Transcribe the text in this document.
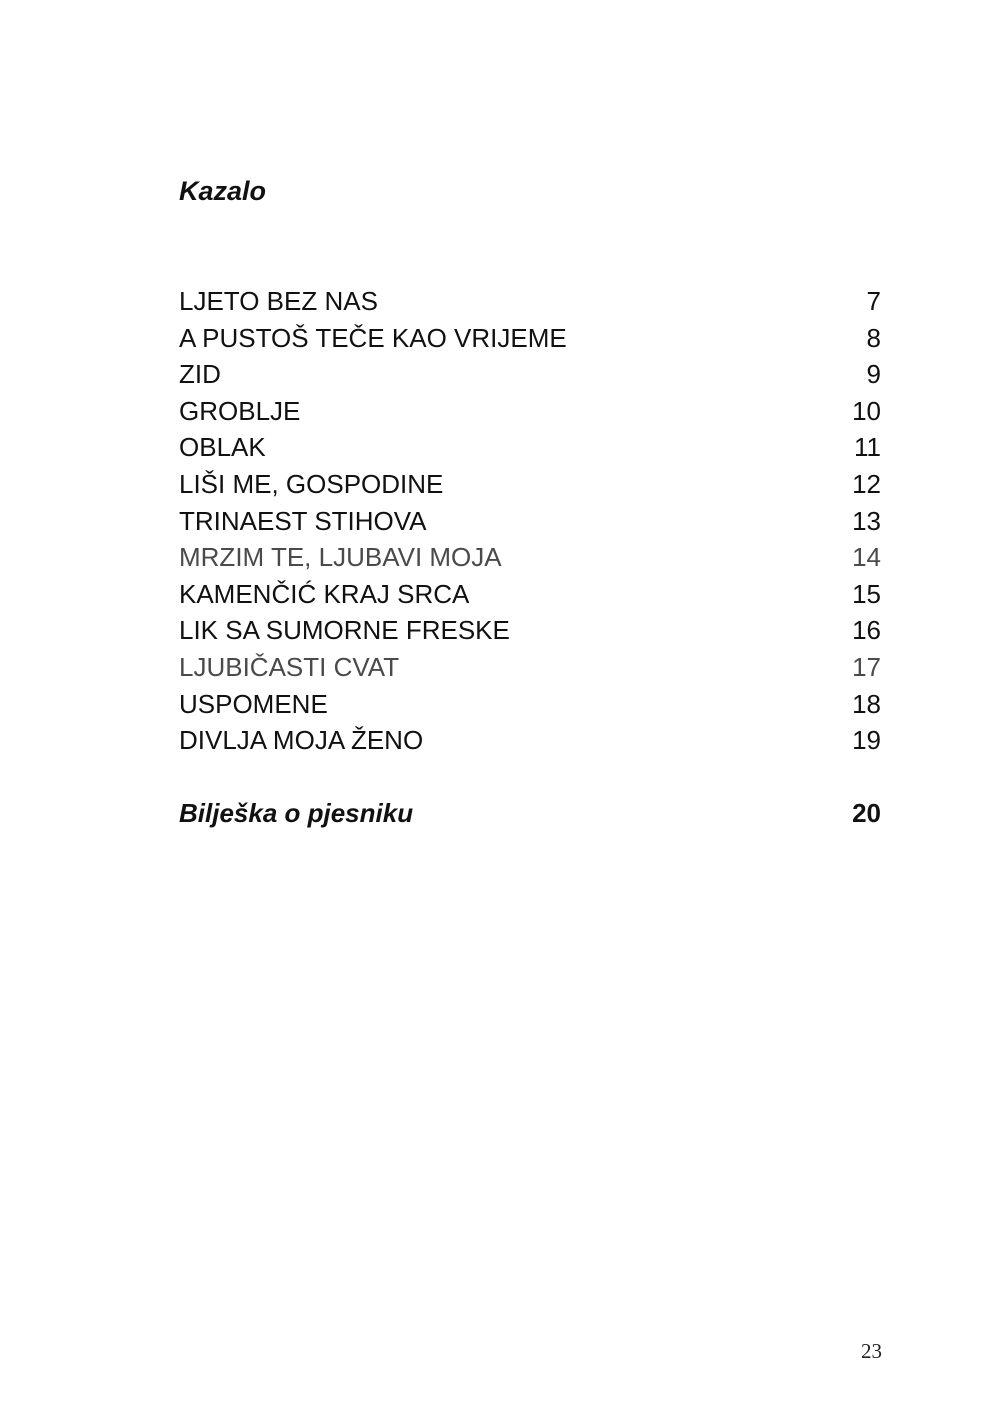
Kazalo
LJETO BEZ NAS	7
A PUSTOŠ TEČE KAO VRIJEME	8
ZID	9
GROBLJE	10
OBLAK	11
LIŠI ME, GOSPODINE	12
TRINAEST STIHOVA	13
MRZIM TE, LJUBAVI MOJA	14
KAMENČIĆ KRAJ SRCA	15
LIK SA SUMORNE FRESKE	16
LJUBIČASTI CVAT	17
USPOMENE	18
DIVLJA MOJA ŽENO	19
Bilješka o pjesniku	20
23
